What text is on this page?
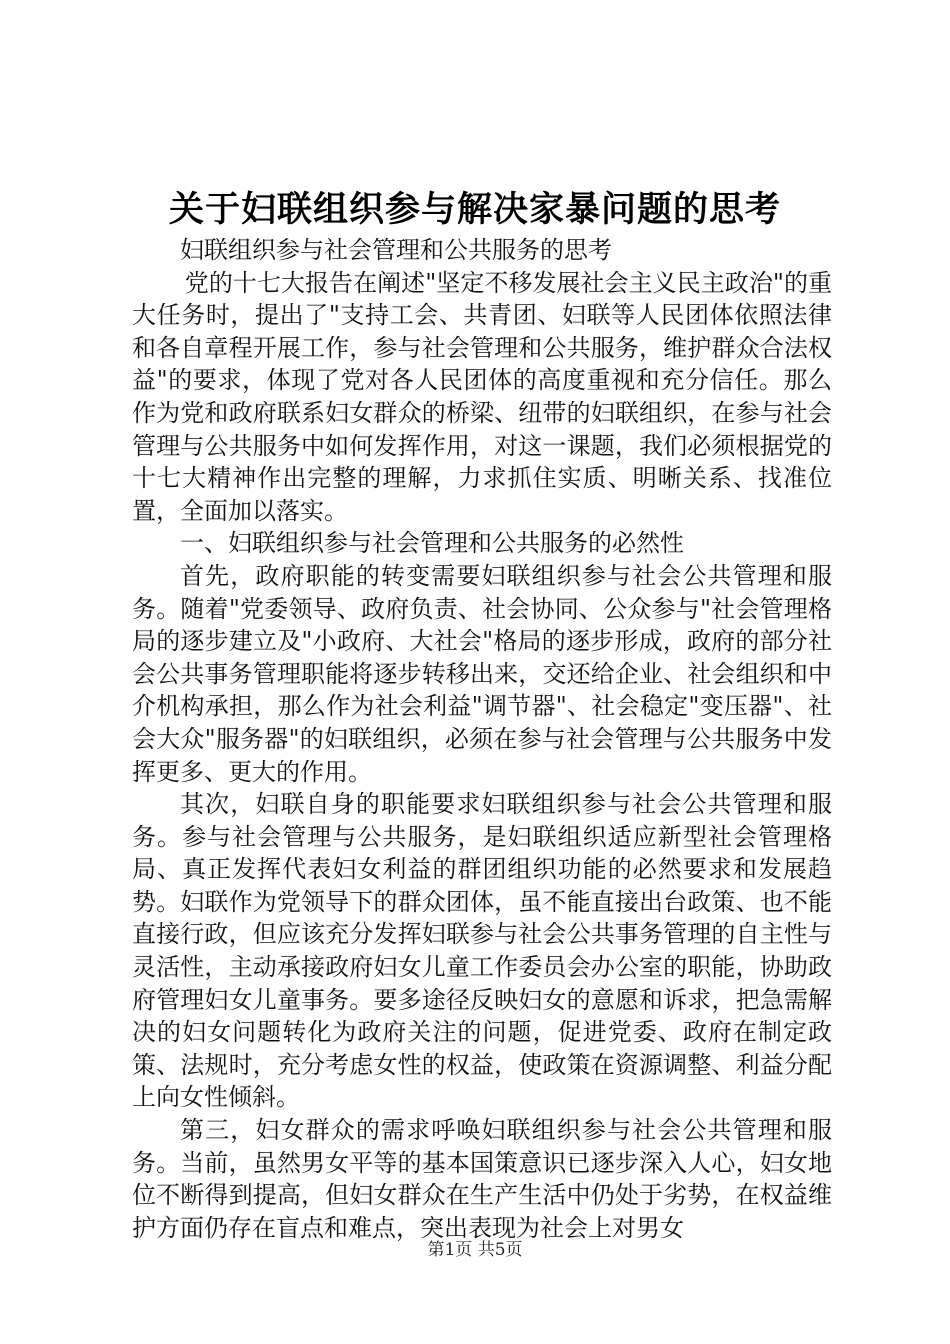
关于妇联组织参与解决家暴问题的思考

妇联组织参与社会管理和公共服务的思考

党的十七大报告在阐述"坚定不移发展社会主义民主政治"的重大任务时，提出了"支持工会、共青团、妇联等人民团体依照法律和各自章程开展工作，参与社会管理和公共服务，维护群众合法权益"的要求，体现了党对各人民团体的高度重视和充分信任。那么作为党和政府联系妇女群众的桥梁、纽带的妇联组织，在参与社会管理与公共服务中如何发挥作用，对这一课题，我们必须根据党的十七大精神作出完整的理解，力求抓住实质、明晰关系、找准位置，全面加以落实。

一、妇联组织参与社会管理和公共服务的必然性

首先，政府职能的转变需要妇联组织参与社会公共管理和服务。随着"党委领导、政府负责、社会协同、公众参与"社会管理格局的逐步建立及"小政府、大社会"格局的逐步形成，政府的部分社会公共事务管理职能将逐步转移出来，交还给企业、社会组织和中介机构承担，那么作为社会利益"调节器"、社会稳定"变压器"、社会大众"服务器"的妇联组织，必须在参与社会管理与公共服务中发挥更多、更大的作用。

其次，妇联自身的职能要求妇联组织参与社会公共管理和服务。参与社会管理与公共服务，是妇联组织适应新型社会管理格局、真正发挥代表妇女利益的群团组织功能的必然要求和发展趋势。妇联作为党领导下的群众团体，虽不能直接出台政策、也不能直接行政，但应该充分发挥妇联参与社会公共事务管理的自主性与灵活性，主动承接政府妇女儿童工作委员会办公室的职能，协助政府管理妇女儿童事务。要多途径反映妇女的意愿和诉求，把急需解决的妇女问题转化为政府关注的问题，促进党委、政府在制定政策、法规时，充分考虑女性的权益，使政策在资源调整、利益分配上向女性倾斜。

第三，妇女群众的需求呼唤妇联组织参与社会公共管理和服务。当前，虽然男女平等的基本国策意识已逐步深入人心，妇女地位不断得到提高，但妇女群众在生产生活中仍处于劣势，在权益维护方面仍存在盲点和难点，突出表现为社会上对男女

第1页 共5页
